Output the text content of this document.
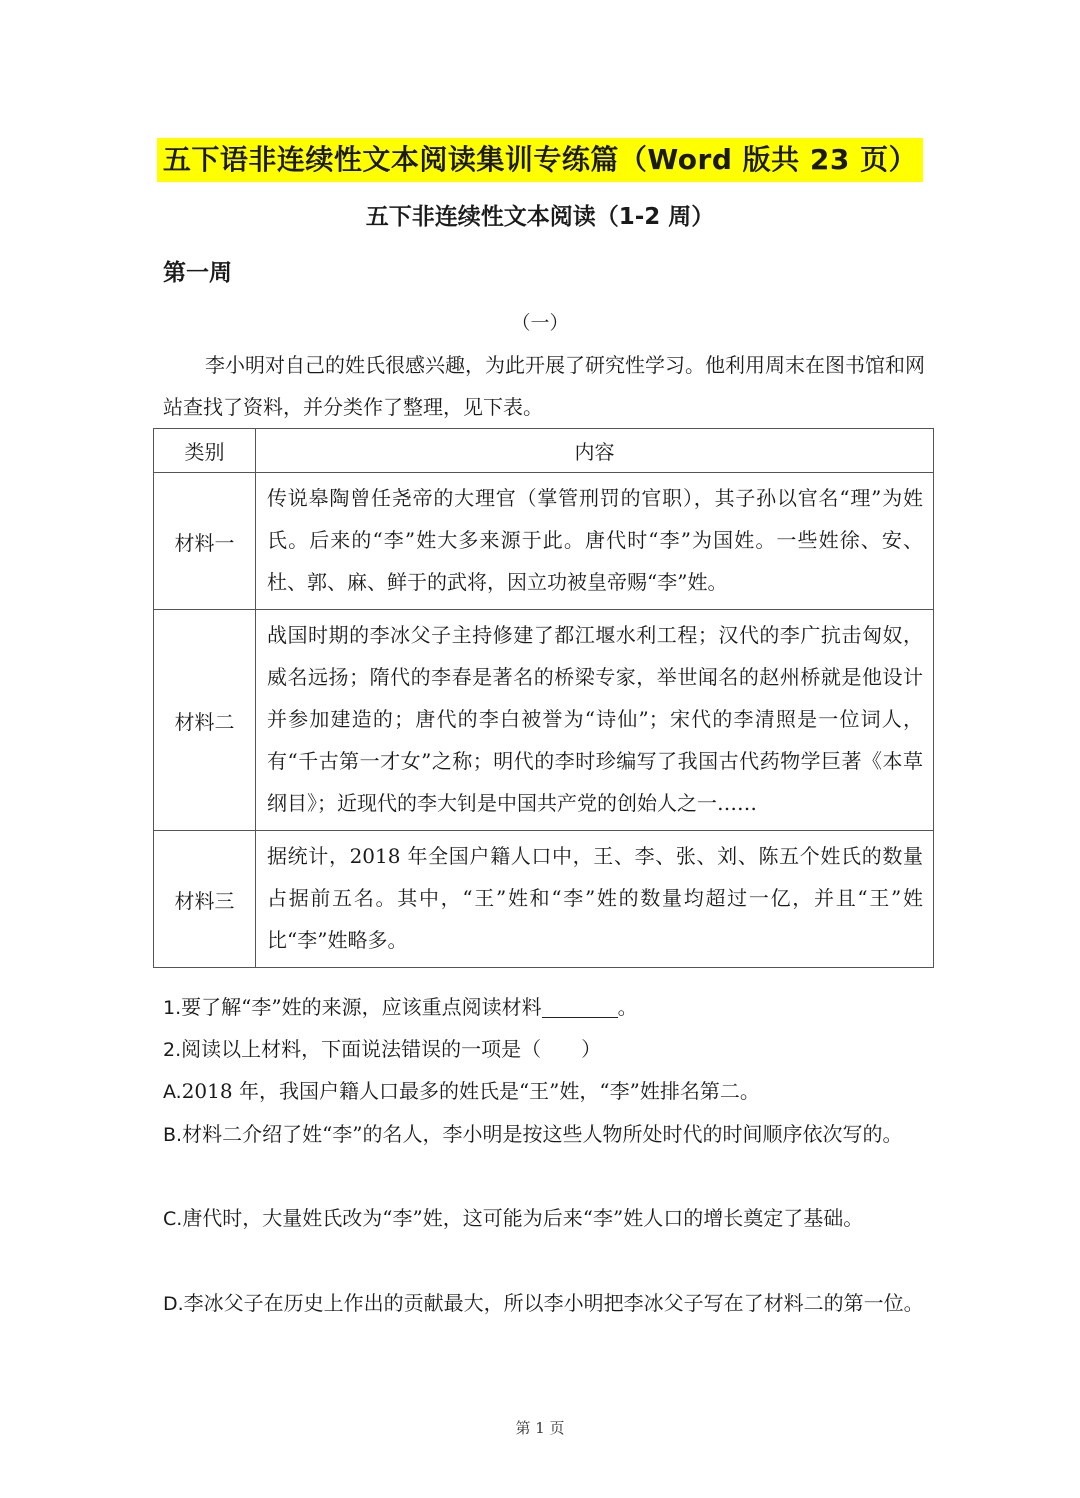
五下语非连续性文本阅读集训专练篇（Word 版共 23 页）
五下非连续性文本阅读（1-2 周）
第一周
（一）
李小明对自己的姓氏很感兴趣，为此开展了研究性学习。他利用周末在图书馆和网站查找了资料，并分类作了整理，见下表。
类别	内容
材料一	传说皋陶曾任尧帝的大理官（掌管刑罚的官职），其子孙以官名“理”为姓氏。后来的“李”姓大多来源于此。唐代时“李”为国姓。一些姓徐、安、杜、郭、麻、鲜于的武将，因立功被皇帝赐“李”姓。

材料二	战国时期的李冰父子主持修建了都江堰水利工程；汉代的李广抗击匈奴，威名远扬；隋代的李春是著名的桥梁专家，举世闻名的赵州桥就是他设计并参加建造的；唐代的李白被誉为“诗仙”；宋代的李清照是一位词人，有“千古第一才女”之称；明代的李时珍编写了我国古代药物学巨著《本草纲目》；近现代的李大钊是中国共产党的创始人之一……

材料三	据统计，2018 年全国户籍人口中，王、李、张、刘、陈五个姓氏的数量占据前五名。其中，“王”姓和“李”姓的数量均超过一亿，并且“王”姓比“李”姓略多。
1.要了解“李”姓的来源，应该重点阅读材料	。
2.阅读以上材料，下面说法错误的一项是（　　）
A.2018 年，我国户籍人口最多的姓氏是“王”姓，“李”姓排名第二。
B.材料二介绍了姓“李”的名人，李小明是按这些人物所处时代的时间顺序依次写的。
C.唐代时，大量姓氏改为“李”姓，这可能为后来“李”姓人口的增长奠定了基础。
D.李冰父子在历史上作出的贡献最大，所以李小明把李冰父子写在了材料二的第一位。
第 1 页
